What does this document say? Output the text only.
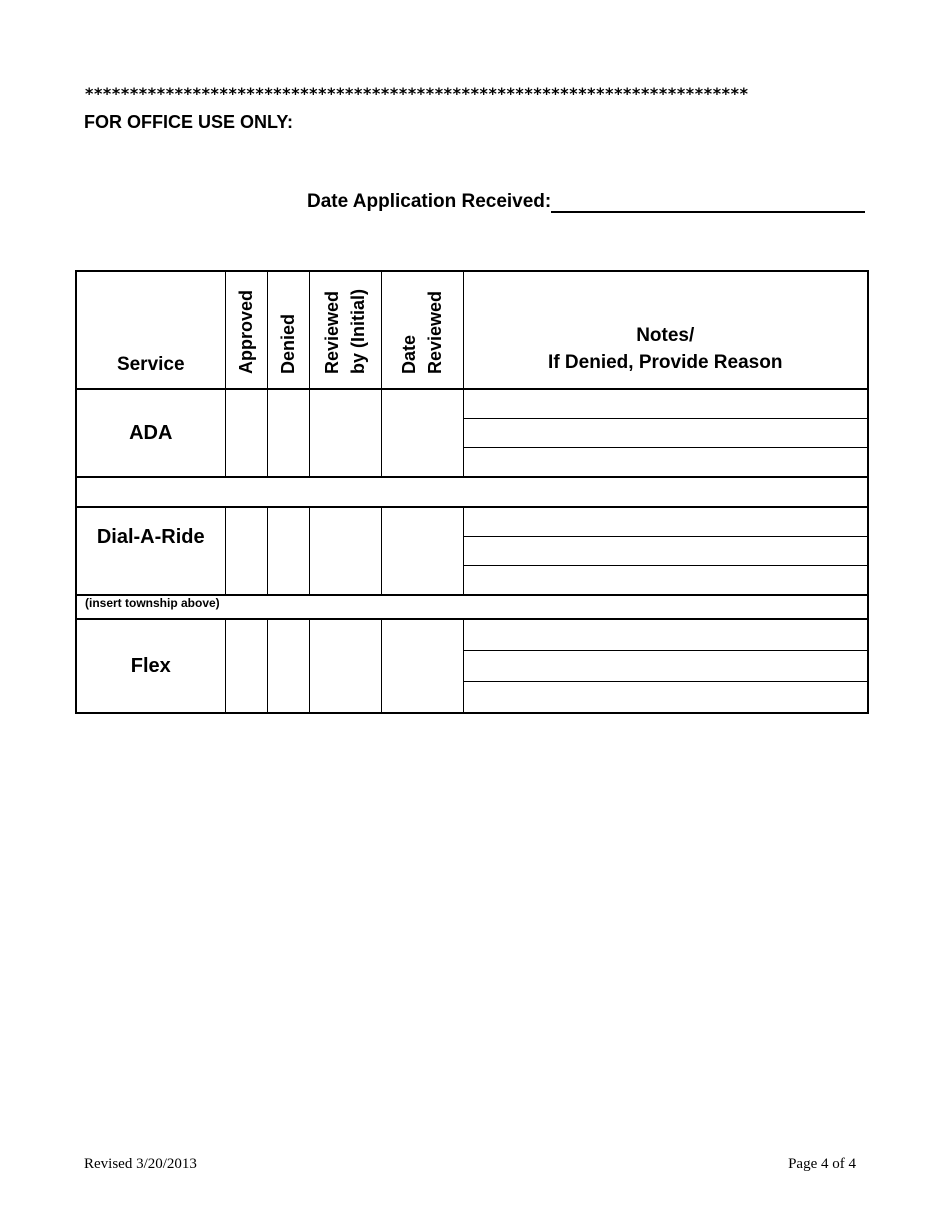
**************************************************************************
FOR OFFICE USE ONLY:
Date Application Received:
Service	Approved	Denied	Reviewed by (Initial)	Date Reviewed	Notes/
If Denied, Provide Reason
ADA					

Dial-A-Ride					

(insert township above)					
Flex					
Revised 3/20/2013	Page 4 of 4
